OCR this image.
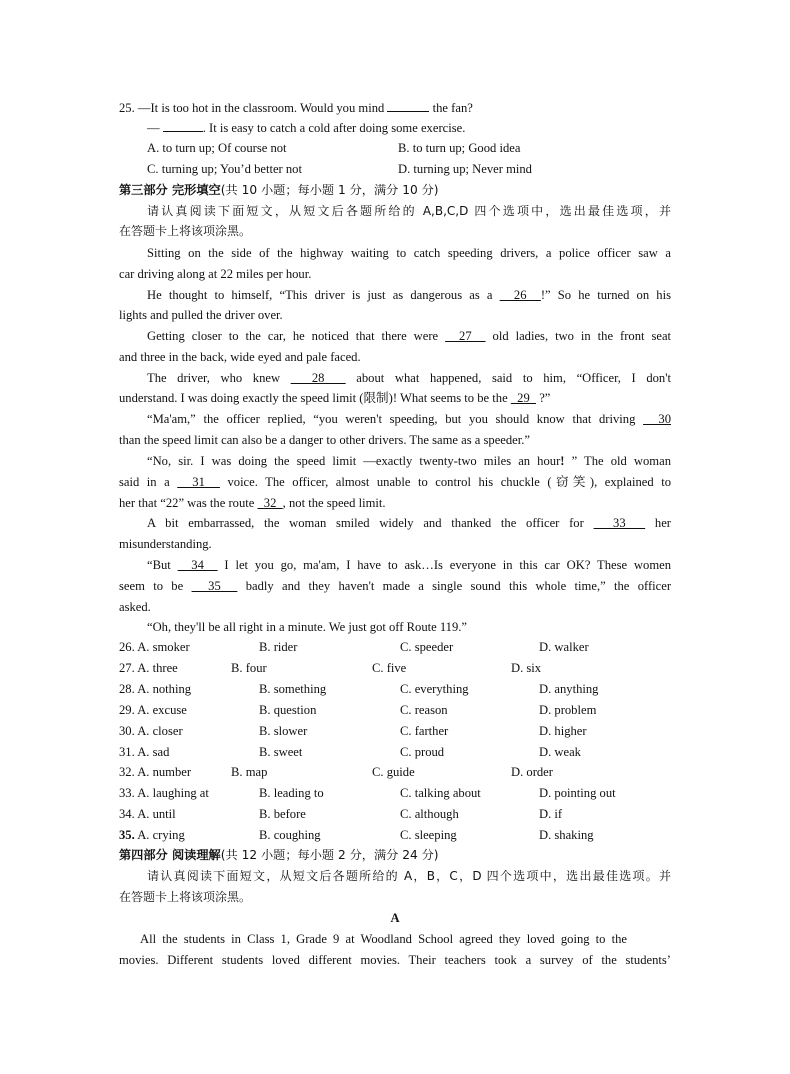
25. —It is too hot in the classroom. Would you mind	the fan?
—	. It is easy to catch a cold after doing some exercise.
A. to turn up; Of course not	B. to turn up; Good idea
C. turning up; You’d better not	D. turning up; Never mind
第三部分 完形填空(共 10 小题；每小题 1 分，满分 10 分)
请认真阅读下面短文，从短文后各题所给的 A,B,C,D 四个选项中，选出最佳选项，并
在答题卡上将该项涂黑。
Sitting on the side of the highway waiting to catch speeding drivers, a police officer saw a
car driving along at 22 miles per hour.
He thought to himself, “This driver is just as dangerous as a   26  !” So he turned on his
lights and pulled the driver over.
Getting closer to the car, he noticed that there were   27   old ladies, two in the front seat
and three in the back, wide eyed and pale faced.
The driver, who knew   28   about what happened, said to him, “Officer, I don't
understand. I was doing exactly the speed limit (限制)! What seems to be the   29   ?”
“Ma'am,” the officer replied, “you weren't speeding, but you should know that driving   30
than the speed limit can also be a danger to other drivers. The same as a speeder.”
“No, sir. I was doing the speed limit —exactly twenty-two miles an hour! ” The old woman
said in a   31   voice. The officer, almost unable to control his chuckle (窃笑), explained to
her that “22” was the route   32  , not the speed limit.
A bit embarrassed, the woman smiled widely and thanked the officer for   33   her
misunderstanding.
“But   34   I let you go, ma'am, I have to ask…Is everyone in this car OK? These women
seem to be   35   badly and they haven't made a single sound this whole time,” the officer
asked.
“Oh, they'll be all right in a minute. We just got off Route 119.”
26. A. smoker	B. rider	C. speeder	D. walker
27. A. three	B. four	C. five	D. six
28. A. nothing	B. something	C. everything	D. anything
29. A. excuse	B. question	C. reason	D. problem
30. A. closer	B. slower	C. farther	D. higher
31. A. sad	B. sweet	C. proud	D. weak
32. A. number	B. map	C. guide	D. order
33. A. laughing at	B. leading to	C. talking about	D. pointing out
34. A. until	B. before	C. although	D. if
35. A. crying	B. coughing	C. sleeping	D. shaking
第四部分 阅读理解(共 12 小题；每小题 2 分，满分 24 分)
请认真阅读下面短文，从短文后各题所给的 A，B，C，D 四个选项中，选出最佳选项。并
在答题卡上将该项涂黑。
A
All the students in Class 1, Grade 9 at Woodland School agreed they loved going to the
movies. Different students loved different movies. Their teachers took a survey of the students’
